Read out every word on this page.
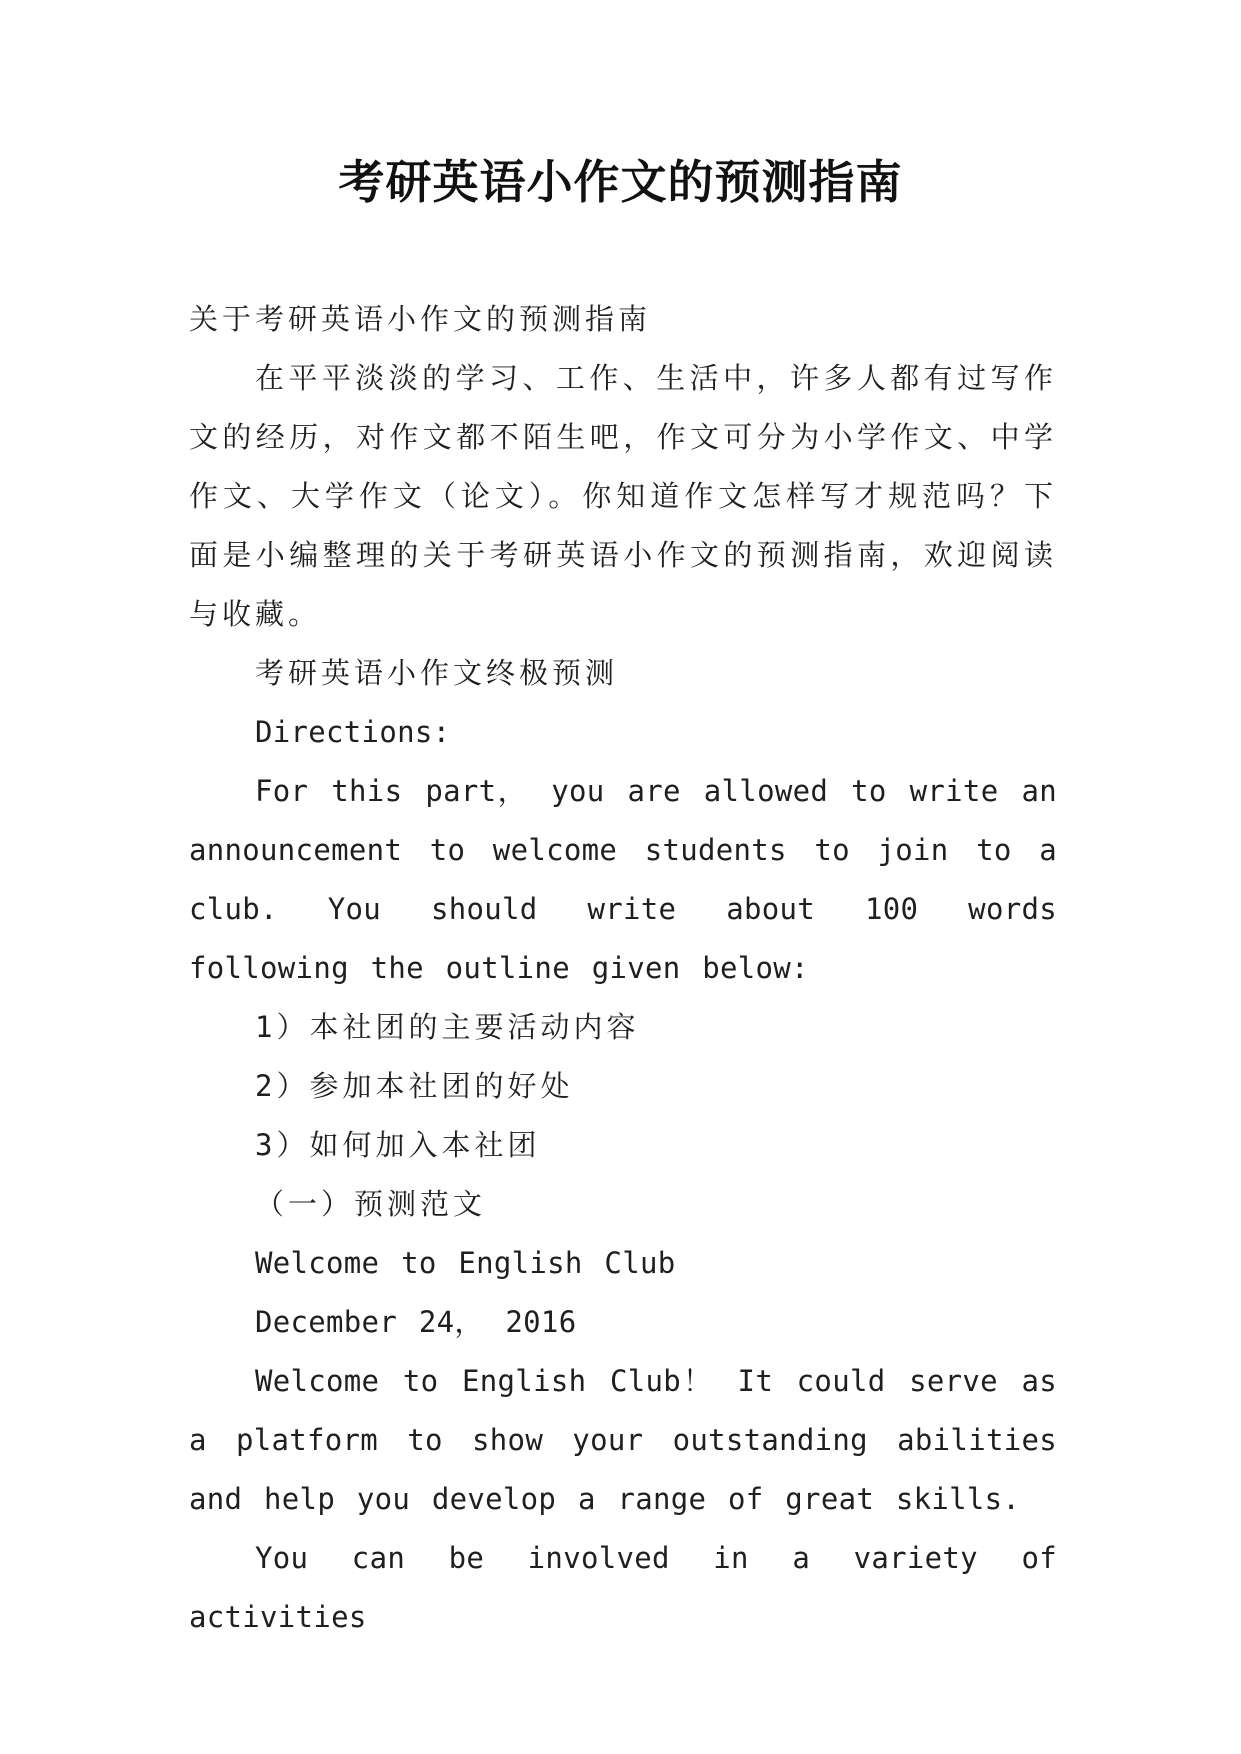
考研英语小作文的预测指南

关于考研英语小作文的预测指南

在平平淡淡的学习、工作、生活中，许多人都有过写作文的经历，对作文都不陌生吧，作文可分为小学作文、中学作文、大学作文（论文）。你知道作文怎样写才规范吗？下面是小编整理的关于考研英语小作文的预测指南，欢迎阅读与收藏。

考研英语小作文终极预测

Directions:

For this part， you are allowed to write an announcement to welcome students to join to a club. You should write about 100 words following the outline given below:

1）本社团的主要活动内容

2）参加本社团的好处

3）如何加入本社团

（一）预测范文

Welcome to English Club

December 24， 2016

Welcome to English Club！ It could serve as a platform to show your outstanding abilities and help you develop a range of great skills.

You can be involved in a variety of activities
